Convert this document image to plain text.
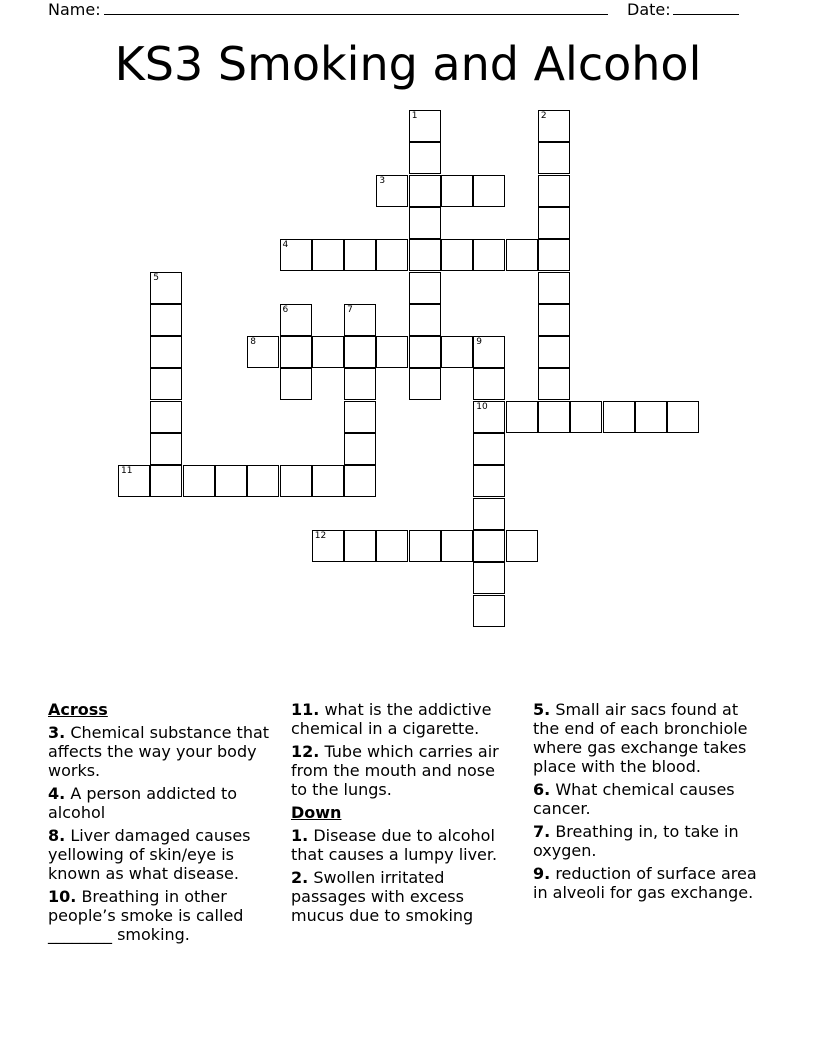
Name:	Date:
KS3 Smoking and Alcohol
1	2
3
4
5
6	7
8	9
10
11
12
Across
3. Chemical substance that affects the way your body works.
4. A person addicted to alcohol
8. Liver damaged causes yellowing of skin/eye is known as what disease.
10. Breathing in other people’s smoke is called ________ smoking.
11. what is the addictive chemical in a cigarette.
12. Tube which carries air from the mouth and nose to the lungs.
Down
1. Disease due to alcohol that causes a lumpy liver.
2. Swollen irritated passages with excess mucus due to smoking
5. Small air sacs found at the end of each bronchiole where gas exchange takes place with the blood.
6. What chemical causes cancer.
7. Breathing in, to take in oxygen.
9. reduction of surface area in alveoli for gas exchange.
